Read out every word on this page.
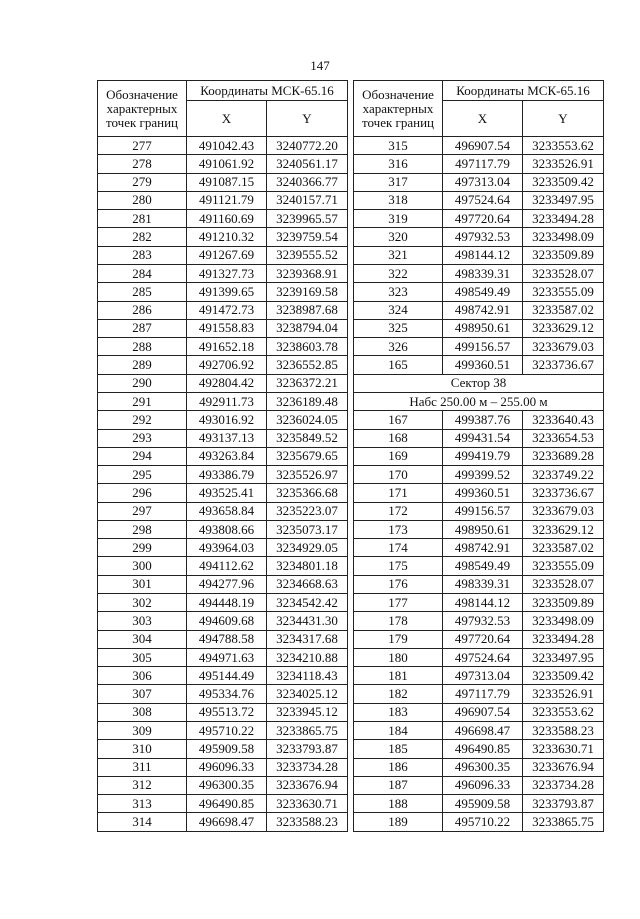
147
Обозначение характерных точек границ	Координаты МСК-65.16	
	X	Y
277	491042.43	3240772.20
278	491061.92	3240561.17
279	491087.15	3240366.77
280	491121.79	3240157.71
281	491160.69	3239965.57
282	491210.32	3239759.54
283	491267.69	3239555.52
284	491327.73	3239368.91
285	491399.65	3239169.58
286	491472.73	3238987.68
287	491558.83	3238794.04
288	491652.18	3238603.78
289	492706.92	3236552.85
290	492804.42	3236372.21
291	492911.73	3236189.48
292	493016.92	3236024.05
293	493137.13	3235849.52
294	493263.84	3235679.65
295	493386.79	3235526.97
296	493525.41	3235366.68
297	493658.84	3235223.07
298	493808.66	3235073.17
299	493964.03	3234929.05
300	494112.62	3234801.18
301	494277.96	3234668.63
302	494448.19	3234542.42
303	494609.68	3234431.30
304	494788.58	3234317.68
305	494971.63	3234210.88
306	495144.49	3234118.43
307	495334.76	3234025.12
308	495513.72	3233945.12
309	495710.22	3233865.75
310	495909.58	3233793.87
311	496096.33	3233734.28
312	496300.35	3233676.94
313	496490.85	3233630.71
314	496698.47	3233588.23
Обозначение характерных точек границ	Координаты МСК-65.16	
	X	Y
315	496907.54	3233553.62
316	497117.79	3233526.91
317	497313.04	3233509.42
318	497524.64	3233497.95
319	497720.64	3233494.28
320	497932.53	3233498.09
321	498144.12	3233509.89
322	498339.31	3233528.07
323	498549.49	3233555.09
324	498742.91	3233587.02
325	498950.61	3233629.12
326	499156.57	3233679.03
165	499360.51	3233736.67
Сектор 38		
Набс 250.00 м – 255.00 м		
167	499387.76	3233640.43
168	499431.54	3233654.53
169	499419.79	3233689.28
170	499399.52	3233749.22
171	499360.51	3233736.67
172	499156.57	3233679.03
173	498950.61	3233629.12
174	498742.91	3233587.02
175	498549.49	3233555.09
176	498339.31	3233528.07
177	498144.12	3233509.89
178	497932.53	3233498.09
179	497720.64	3233494.28
180	497524.64	3233497.95
181	497313.04	3233509.42
182	497117.79	3233526.91
183	496907.54	3233553.62
184	496698.47	3233588.23
185	496490.85	3233630.71
186	496300.35	3233676.94
187	496096.33	3233734.28
188	495909.58	3233793.87
189	495710.22	3233865.75
